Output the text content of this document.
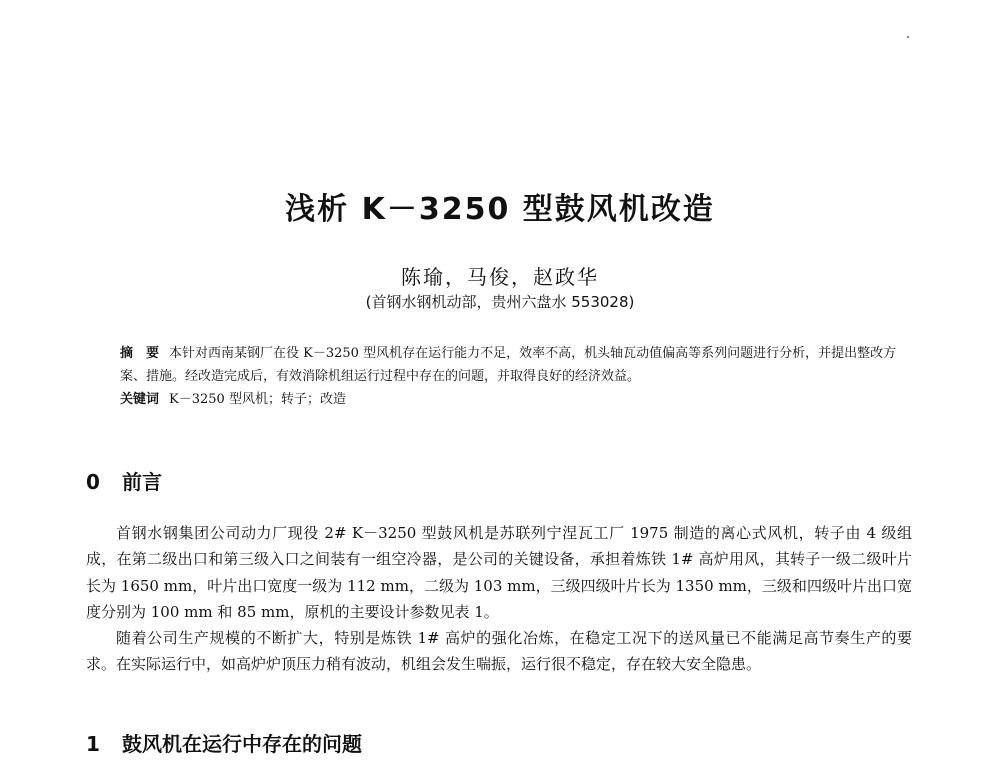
浅析 K－3250 型鼓风机改造
陈瑜，马俊，赵政华
(首钢水钢机动部，贵州六盘水 553028)

摘　要 本针对西南某钢厂在役 K－3250 型风机存在运行能力不足，效率不高，机头轴瓦动值偏高等系列问题进行分析，并提出整改方案、措施。经改造完成后，有效消除机组运行过程中存在的问题，并取得良好的经济效益。

关键词 K－3250 型风机；转子；改造

0 前言

首钢水钢集团公司动力厂现役 2# K－3250 型鼓风机是苏联列宁涅瓦工厂 1975 制造的离心式风机，转子由 4 级组成，在第二级出口和第三级入口之间装有一组空冷器，是公司的关键设备，承担着炼铁 1# 高炉用风，其转子一级二级叶片长为 1650 mm，叶片出口宽度一级为 112 mm，二级为 103 mm，三级四级叶片长为 1350 mm，三级和四级叶片出口宽度分别为 100 mm 和 85 mm，原机的主要设计参数见表 1。

随着公司生产规模的不断扩大，特别是炼铁 1# 高炉的强化冶炼，在稳定工况下的送风量已不能满足高节奏生产的要求。在实际运行中，如高炉炉顶压力稍有波动，机组会发生喘振，运行很不稳定，存在较大安全隐患。

1 鼓风机在运行中存在的问题
